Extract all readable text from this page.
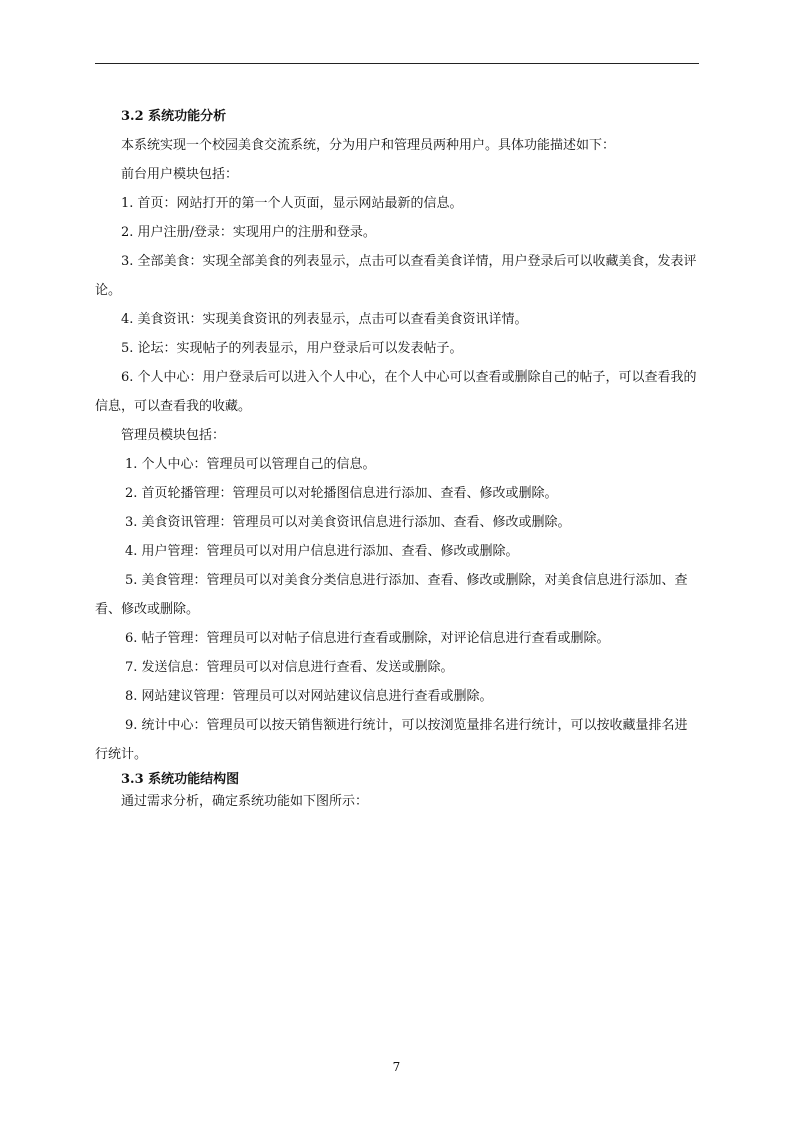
3.2 系统功能分析

本系统实现一个校园美食交流系统，分为用户和管理员两种用户。具体功能描述如下：

前台用户模块包括：

1. 首页：网站打开的第一个人页面，显示网站最新的信息。

2. 用户注册/登录：实现用户的注册和登录。

3. 全部美食：实现全部美食的列表显示，点击可以查看美食详情，用户登录后可以收藏美食，发表评论。

4. 美食资讯：实现美食资讯的列表显示，点击可以查看美食资讯详情。

5. 论坛：实现帖子的列表显示，用户登录后可以发表帖子。

6. 个人中心：用户登录后可以进入个人中心，在个人中心可以查看或删除自己的帖子，可以查看我的信息，可以查看我的收藏。

管理员模块包括：

1. 个人中心：管理员可以管理自己的信息。

2. 首页轮播管理：管理员可以对轮播图信息进行添加、查看、修改或删除。

3. 美食资讯管理：管理员可以对美食资讯信息进行添加、查看、修改或删除。

4. 用户管理：管理员可以对用户信息进行添加、查看、修改或删除。

5. 美食管理：管理员可以对美食分类信息进行添加、查看、修改或删除，对美食信息进行添加、查看、修改或删除。

6. 帖子管理：管理员可以对帖子信息进行查看或删除，对评论信息进行查看或删除。

7. 发送信息：管理员可以对信息进行查看、发送或删除。

8. 网站建议管理：管理员可以对网站建议信息进行查看或删除。

9. 统计中心：管理员可以按天销售额进行统计，可以按浏览量排名进行统计，可以按收藏量排名进行统计。

3.3 系统功能结构图

通过需求分析，确定系统功能如下图所示：

7
